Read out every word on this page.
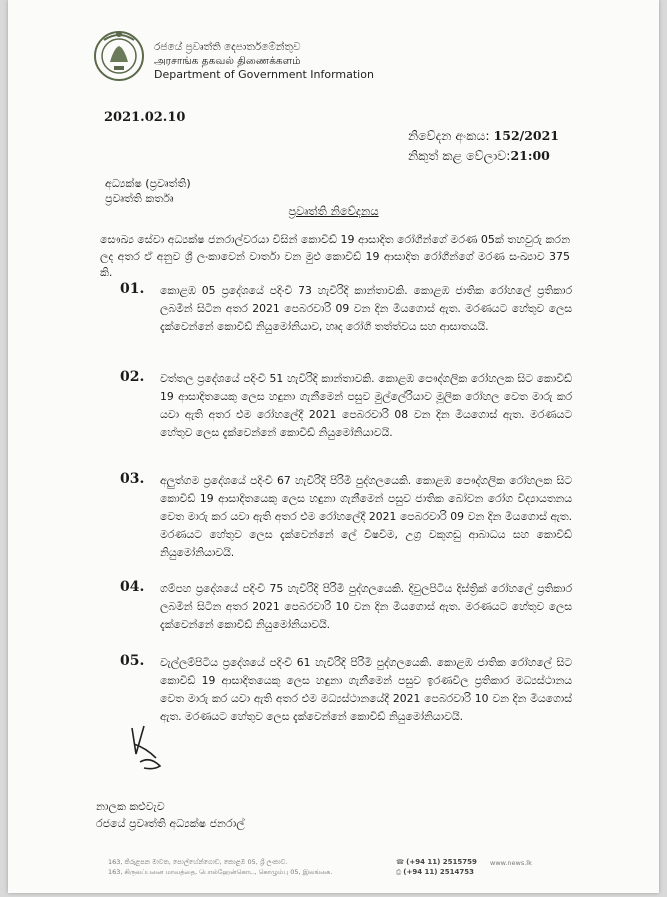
රජයේ ප්‍රවෘත්ති දෙපාර්තමේන්තුව
அரசாங்க தகவல் திணைக்களம்
Department of Government Information
2021.02.10
නිවේදන අංකය: 152/2021
නිකුත් කළ වේලාව:21:00
අධ්‍යක්ෂ (ප්‍රවෘත්ති)
ප්‍රවෘත්ති කර්තෘ
ප්‍රවෘත්ති නිවේදනය
සෞඛ්‍ය සේවා අධ්‍යක්ෂ ජනරාල්වරයා විසින් කොවිඩ් 19 ආසාදිත රෝගීන්ගේ මරණ 05ක් තහවුරු කරන ලද අතර ඒ අනුව ශ්‍රී ලංකාවෙන් වාර්තා වන මුළු කොවිඩ් 19 ආසාදිත රෝගීන්ගේ මරණ සංඛ්‍යාව 375 කි.
01. කොළඹ 05 ප්‍රදේශයේ පදිංචි 73 හැවිරිදි කාන්තාවකි. කොළඹ ජාතික රෝහලේ ප්‍රතිකාර ලබමින් සිටින අතර 2021 පෙබරවාරි 09 වන දින මියගොස් ඇත. මරණයට හේතුව ලෙස දැක්වෙන්නේ කොවිඩ් නියුමෝනියාව, හෘද රෝගී තත්ත්වය සහ ආසාතයයි.
02. වත්තල ප්‍රදේශයේ පදිංචි 51 හැවිරිදි කාන්තාවකි. කොළඹ පෞද්ගලික රෝහලක සිට කොවිඩ් 19 ආසාදිතයෙකු ලෙස හඳුනා ගැනීමෙන් පසුව මුල්ලේරියාව මූලික රෝහල වෙත මාරු කර යවා ඇති අතර එම රෝහලේදී 2021 පෙබරවාරි 08 වන දින මියගොස් ඇත. මරණයට හේතුව ලෙස දැක්වෙන්නේ කොවිඩ් නියුමෝනියාවයි.
03. අලුත්ගම ප්‍රදේශයේ පදිංචි 67 හැවිරිදි පිරිමි පුද්ගලයෙකි. කොළඹ පෞද්ගලික රෝහලක සිට කොවිඩ් 19 ආසාදිතයෙකු ලෙස හඳුනා ගැනීමෙන් පසුව ජාතික බෝවන රෝග විද්‍යායතනය වෙත මාරු කර යවා ඇති අතර එම රෝහලේදී 2021 පෙබරවාරි 09 වන දින මියගොස් ඇත. මරණයට හේතුව ලෙස දැක්වෙන්නේ ලේ විෂවීම, උග්‍ර වකුගඩු ආබාධය සහ කොවිඩ් නියුමෝනියාවයි.
04. ගම්පහ ප්‍රදේශයේ පදිංචි 75 හැවිරිදි පිරිමි පුද්ගලයෙකි. දිවුලපිටිය දිස්ත්‍රික් රෝහලේ ප්‍රතිකාර ලබමින් සිටින අතර 2021 පෙබරවාරි 10 වන දින මියගොස් ඇත. මරණයට හේතුව ලෙස දැක්වෙන්නේ කොවිඩ් නියුමෝනියාවයි.
05. වැල්ලම්පිටිය ප්‍රදේශයේ පදිංචි 61 හැවිරිදි පිරිමි පුද්ගලයෙකි. කොළඹ ජාතික රෝහලේ සිට කොවිඩ් 19 ආසාදිතයෙකු ලෙස හඳුනා ගැනීමෙන් පසුව ඉරණවිල ප්‍රතිකාර මධ්‍යස්ථානය වෙත මාරු කර යවා ඇති අතර එම මධ්‍යස්ථානයේදී 2021 පෙබරවාරි 10 වන දින මියගොස් ඇත. මරණයට හේතුව ලෙස දැක්වෙන්නේ කොවිඩ් නියුමෝනියාවයි.
නාලක කළුවැව
රජයේ ප්‍රවෘත්ති අධ්‍යක්ෂ ජනරාල්
163, කිරුළපන මාවත, පොල්හේන්ගොඩ, කොළඹ 05, ශ්‍රී ලංකාව.
163, கிருலப்பனை மாவத்தை, பொல்ஹேன்கொட, கொழும்பு 05, இலங்கை.
☎ (+94 11) 2515759
⎙ (+94 11) 2514753
www.news.lk
